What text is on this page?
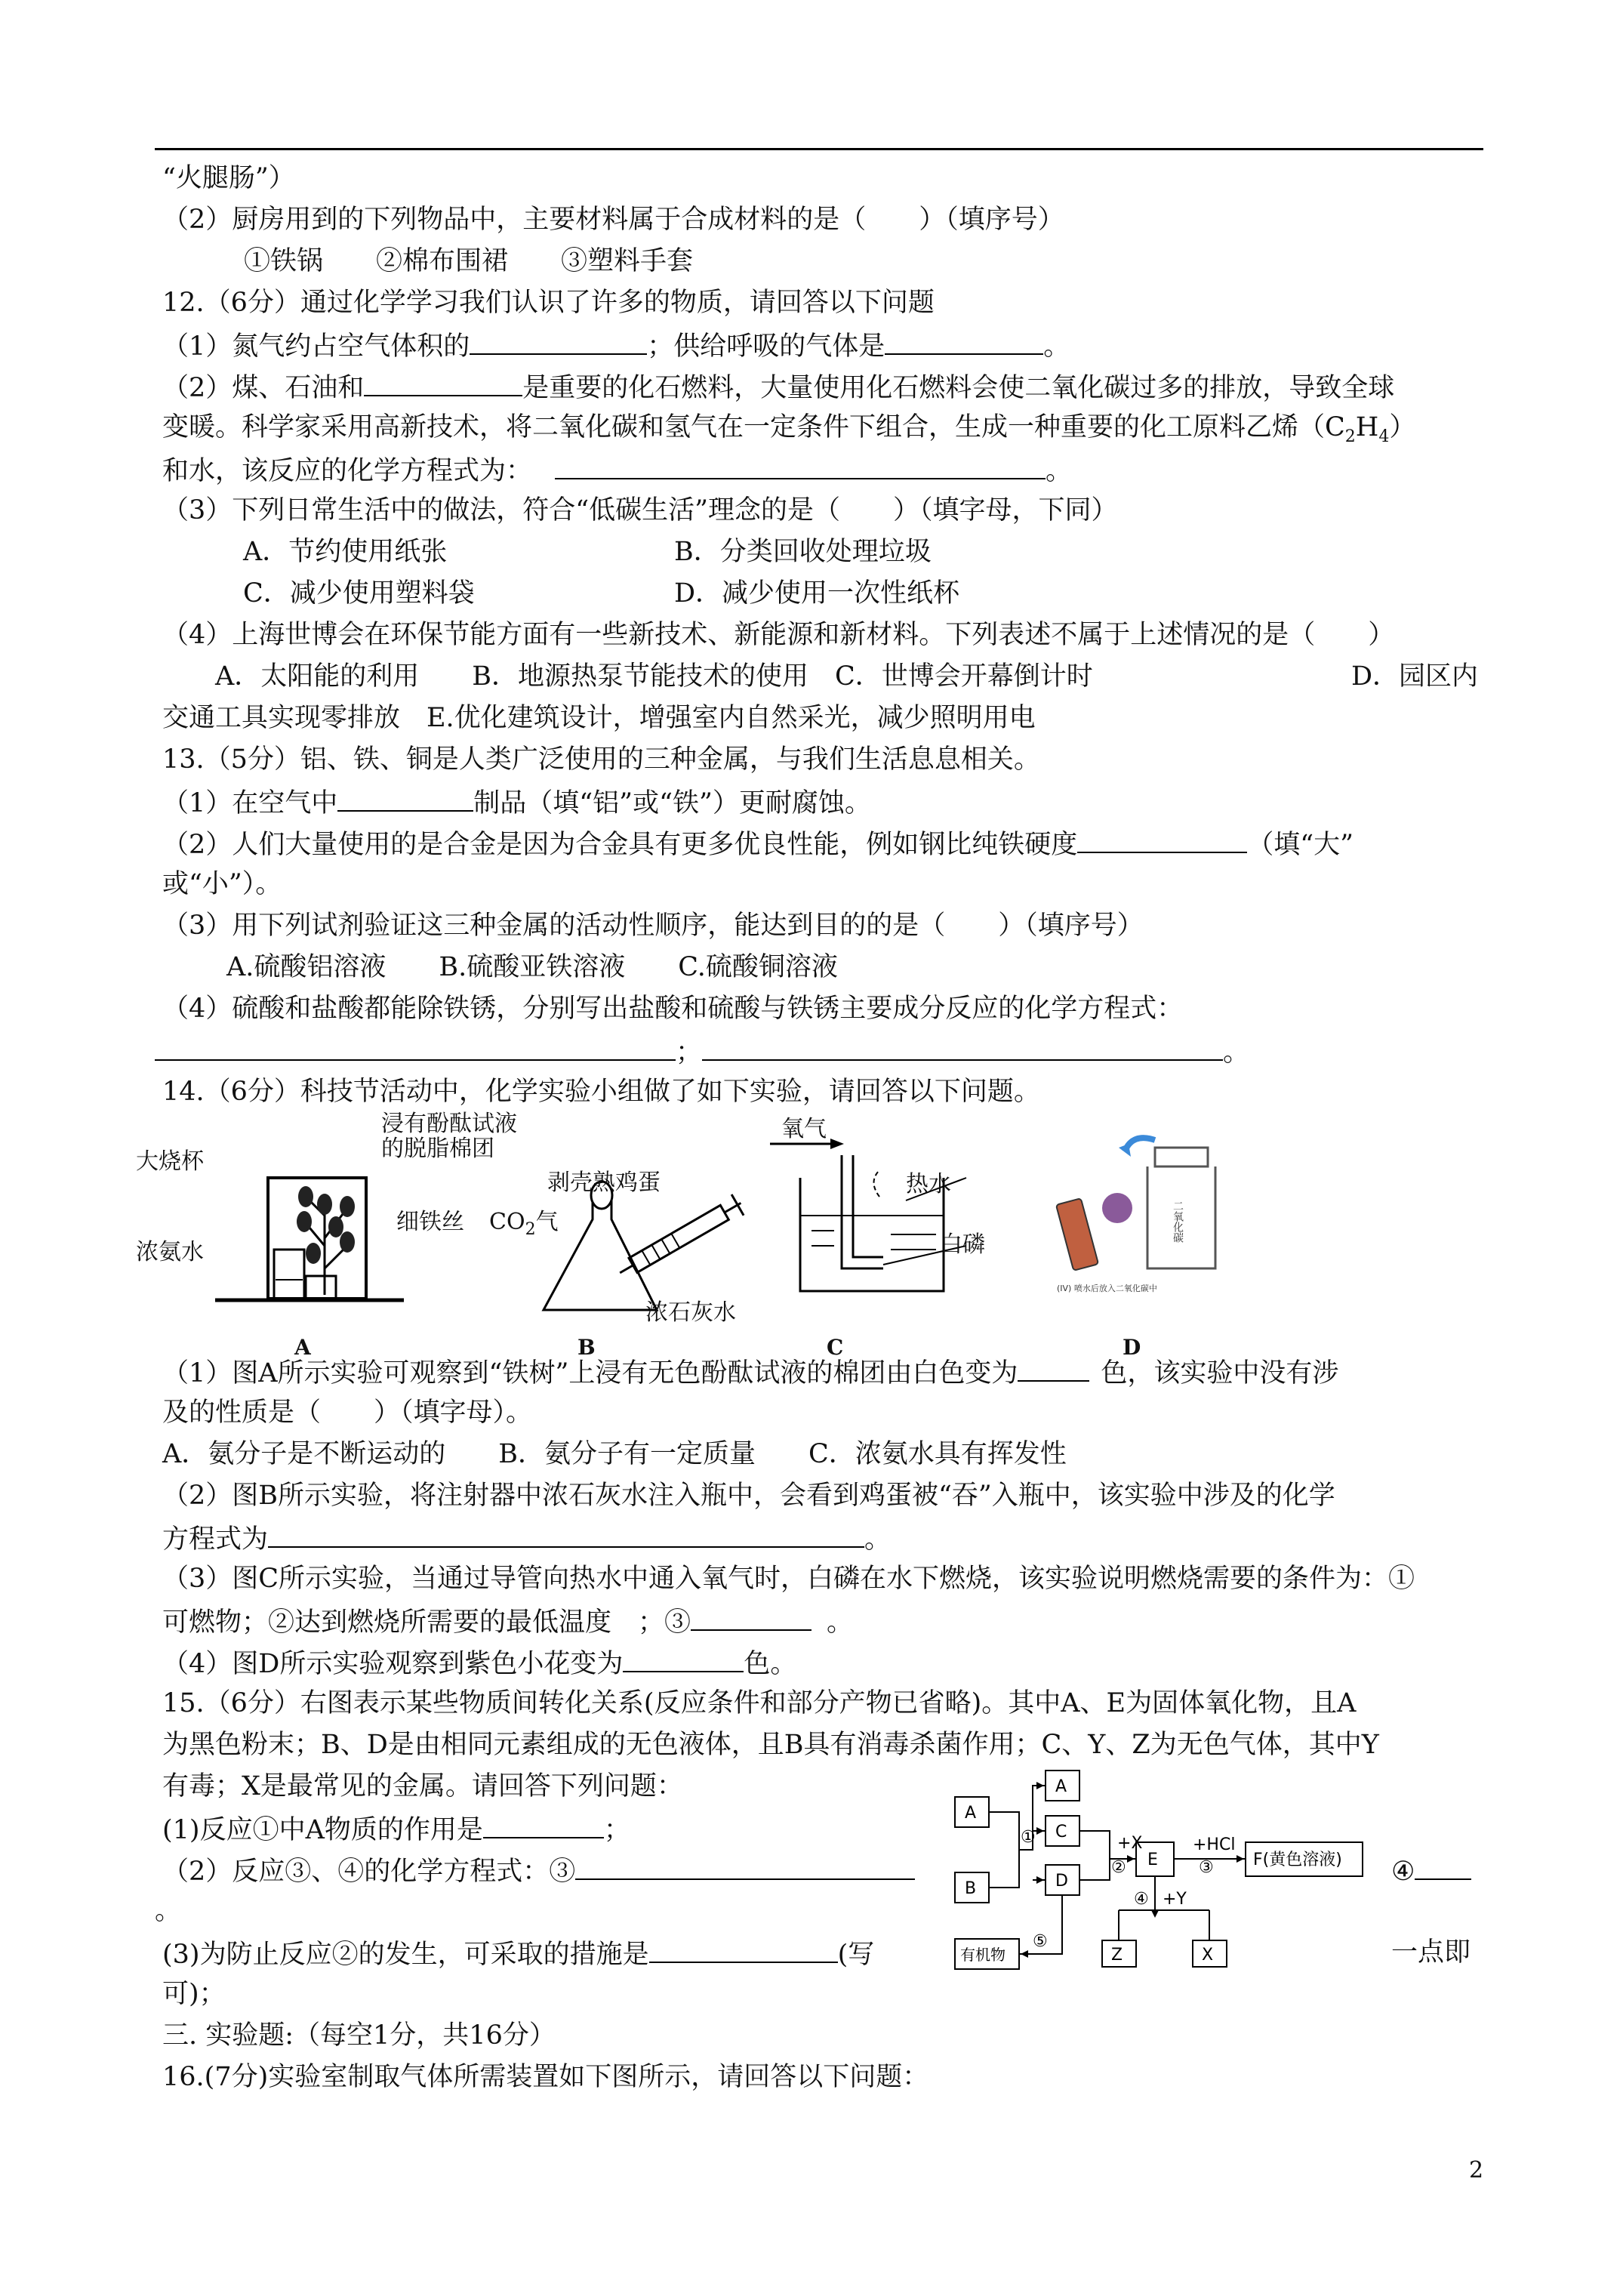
“火腿肠”）
（2）厨房用到的下列物品中，主要材料属于合成材料的是（　　）（填序号）
①铁锅　　②棉布围裙　　③塑料手套
12.（6分）通过化学学习我们认识了许多的物质，请回答以下问题
（1）氮气约占空气体积的	；供给呼吸的气体是	。
（2）煤、石油和	是重要的化石燃料，大量使用化石燃料会使二氧化碳过多的排放，导致全球
变暖。科学家采用高新技术，将二氧化碳和氢气在一定条件下组合，生成一种重要的化工原料乙烯$(C_2H_4)$
和水，该反应的化学方程式为：	。
（3）下列日常生活中的做法，符合“低碳生活”理念的是（　　）（填字母，下同）
A．节约使用纸张	B．分类回收处理垃圾
C．减少使用塑料袋	D．减少使用一次性纸杯
（4）上海世博会在环保节能方面有一些新技术、新能源和新材料。下列表述不属于上述情况的是（　　）
A．太阳能的利用　　B．地源热泵节能技术的使用　C．世博会开幕倒计时	D．园区内
交通工具实现零排放　E.优化建筑设计，增强室内自然采光，减少照明用电
13.（5分）铝、铁、铜是人类广泛使用的三种金属，与我们生活息息相关。
（1）在空气中	制品（填“铝”或“铁”）更耐腐蚀。
（2）人们大量使用的是合金是因为合金具有更多优良性能，例如钢比纯铁硬度	（填“大”
或“小”）。
（3）用下列试剂验证这三种金属的活动性顺序，能达到目的的是（　　）（填序号）
A.硫酸铝溶液　　B.硫酸亚铁溶液　　C.硫酸铜溶液
（4）硫酸和盐酸都能除铁锈，分别写出盐酸和硫酸与铁锈主要成分反应的化学方程式：
；	。
14.（6分）科技节活动中，化学实验小组做了如下实验，请回答以下问题。
大烧杯
浓氨水
浸有酚酞试液
的脱脂棉团
细铁丝
A
剥壳熟鸡蛋
$CO_2$气
浓石灰水
B
氧气
热水
白磷
C
二氧化碳
(IV) 喷水后放入二氧化碳中
D
（1）图A所示实验可观察到“铁树”上浸有无色酚酞试液的棉团由白色变为	色，该实验中没有涉
及的性质是（　　）（填字母）。
A．氨分子是不断运动的　　B．氨分子有一定质量　　C．浓氨水具有挥发性
（2）图B所示实验，将注射器中浓石灰水注入瓶中，会看到鸡蛋被“吞”入瓶中，该实验中涉及的化学
方程式为	。
（3）图C所示实验，当通过导管向热水中通入氧气时，白磷在水下燃烧，该实验说明燃烧需要的条件为：①
可燃物；②达到燃烧所需要的最低温度　；③	。
（4）图D所示实验观察到紫色小花变为	色。
15.（6分）右图表示某些物质间转化关系(反应条件和部分产物已省略)。其中A、E为固体氧化物，且A
为黑色粉末；B、D是由相同元素组成的无色液体，且B具有消毒杀菌作用；C、Y、Z为无色气体，其中Y
有毒；X是最常见的金属。请回答下列问题：
(1)反应①中A物质的作用是	；
（2）反应③、④的化学方程式：③	④
。
(3)为防止反应②的发生，可采取的措施是	(写	一点即
可)；
A
B
A
C
D
E	F(黄色溶液)
Z	X
有机物
①
②
+X	+HCl
③
④ +Y
⑤
三. 实验题:（每空1分，共16分）
16.(7分)实验室制取气体所需装置如下图所示，请回答以下问题：
2
